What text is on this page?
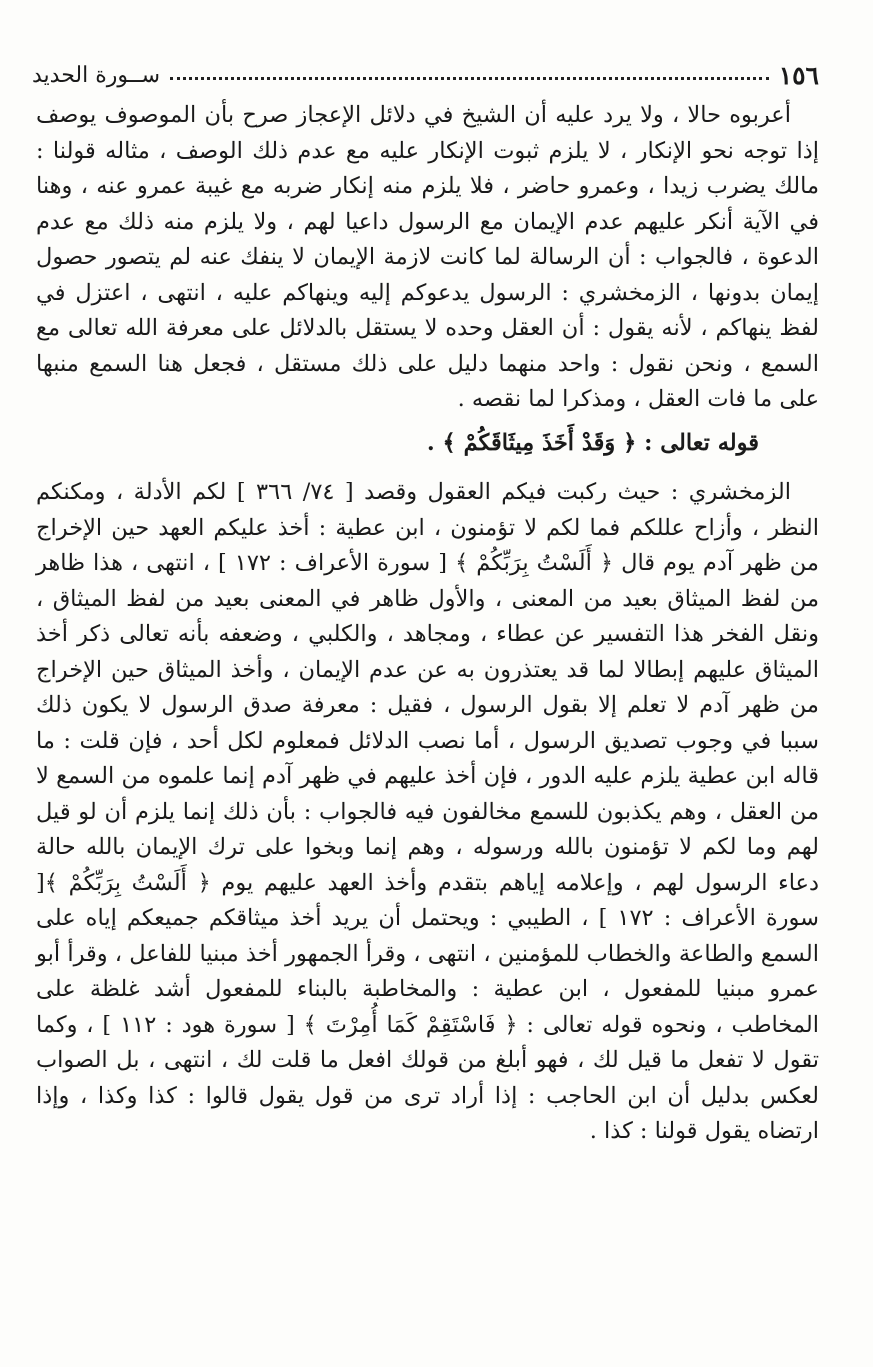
١٥٦
ســورة الحديد

أعربوه حالا ، ولا يرد عليه أن الشيخ في دلائل الإعجاز صرح بأن الموصوف يوصف إذا توجه نحو الإنكار ، لا يلزم ثبوت الإنكار عليه مع عدم ذلك الوصف ، مثاله قولنا : مالك يضرب زيدا ، وعمرو حاضر ، فلا يلزم منه إنكار ضربه مع غيبة عمرو عنه ، وهنا في الآية أنكر عليهم عدم الإيمان مع الرسول داعيا لهم ، ولا يلزم منه ذلك مع عدم الدعوة ، فالجواب : أن الرسالة لما كانت لازمة الإيمان لا ينفك عنه لم يتصور حصول إيمان بدونها ، الزمخشري : الرسول يدعوكم إليه وينهاكم عليه ، انتهى ، اعتزل في لفظ ينهاكم ، لأنه يقول : أن العقل وحده لا يستقل بالدلائل على معرفة الله تعالى مع السمع ، ونحن نقول : واحد منهما دليل على ذلك مستقل ، فجعل هنا السمع منبها على ما فات العقل ، ومذكرا لما نقصه .

قوله تعالى : ﴿ وَقَدْ أَخَذَ مِيثَاقَكُمْ ﴾ .

الزمخشري : حيث ركبت فيكم العقول وقصد [ ٧٤/ ٣٦٦ ] لكم الأدلة ، ومكنكم النظر ، وأزاح عللكم فما لكم لا تؤمنون ، ابن عطية : أخذ عليكم العهد حين الإخراج من ظهر آدم يوم قال ﴿ أَلَسْتُ بِرَبِّكُمْ ﴾ [ سورة الأعراف : ١٧٢ ] ، انتهى ، هذا ظاهر من لفظ الميثاق بعيد من المعنى ، والأول ظاهر في المعنى بعيد من لفظ الميثاق ، ونقل الفخر هذا التفسير عن عطاء ، ومجاهد ، والكلبي ، وضعفه بأنه تعالى ذكر أخذ الميثاق عليهم إبطالا لما قد يعتذرون به عن عدم الإيمان ، وأخذ الميثاق حين الإخراج من ظهر آدم لا تعلم إلا بقول الرسول ، فقيل : معرفة صدق الرسول لا يكون ذلك سببا في وجوب تصديق الرسول ، أما نصب الدلائل فمعلوم لكل أحد ، فإن قلت : ما قاله ابن عطية يلزم عليه الدور ، فإن أخذ عليهم في ظهر آدم إنما علموه من السمع لا من العقل ، وهم يكذبون للسمع مخالفون فيه فالجواب : بأن ذلك إنما يلزم أن لو قيل لهم وما لكم لا تؤمنون بالله ورسوله ، وهم إنما وبخوا على ترك الإيمان بالله حالة دعاء الرسول لهم ، وإعلامه إياهم بتقدم وأخذ العهد عليهم يوم ﴿ أَلَسْتُ بِرَبِّكُمْ ﴾[ سورة الأعراف : ١٧٢ ] ، الطيبي : ويحتمل أن يريد أخذ ميثاقكم جميعكم إياه على السمع والطاعة والخطاب للمؤمنين ، انتهى ، وقرأ الجمهور أخذ مبنيا للفاعل ، وقرأ أبو عمرو مبنيا للمفعول ، ابن عطية : والمخاطبة بالبناء للمفعول أشد غلظة على المخاطب ، ونحوه قوله تعالى : ﴿ فَاسْتَقِمْ كَمَا أُمِرْتَ ﴾ [ سورة هود : ١١٢ ] ، وكما تقول لا تفعل ما قيل لك ، فهو أبلغ من قولك افعل ما قلت لك ، انتهى ، بل الصواب لعكس بدليل أن ابن الحاجب : إذا أراد ترى من قول يقول قالوا : كذا وكذا ، وإذا ارتضاه يقول قولنا : كذا .
